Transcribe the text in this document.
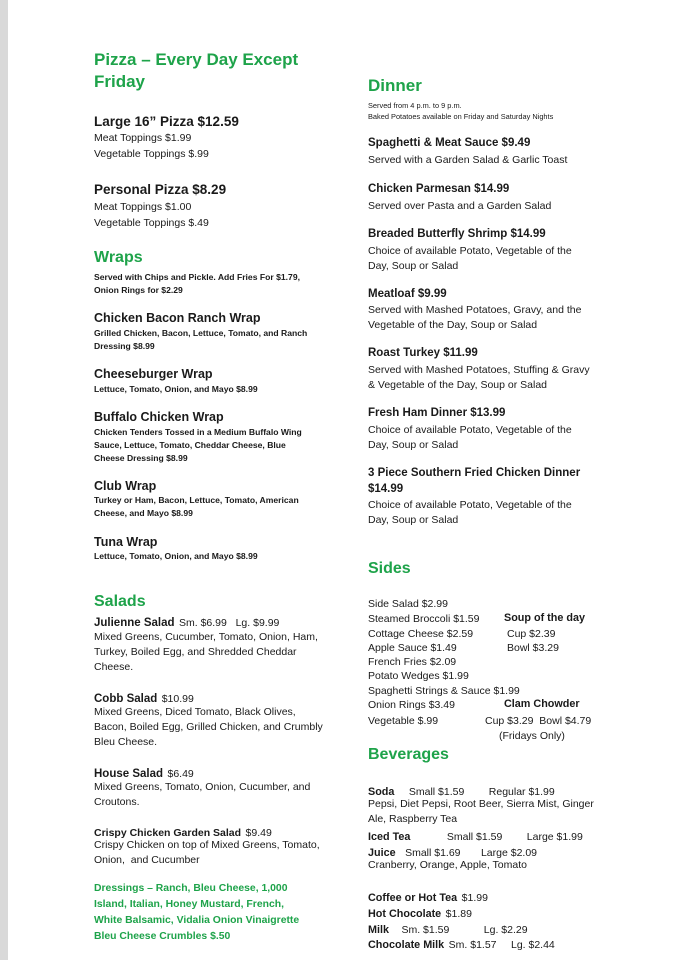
Pizza – Every Day Except
Friday
Large 16” Pizza $12.59
Meat Toppings $1.99
Vegetable Toppings $.99
Personal Pizza $8.29
Meat Toppings $1.00
Vegetable Toppings $.49
Wraps
Served with Chips and Pickle. Add Fries For $1.79,
Onion Rings for $2.29
Chicken Bacon Ranch Wrap
Grilled Chicken, Bacon, Lettuce, Tomato, and Ranch
Dressing $8.99
Cheeseburger Wrap
Lettuce, Tomato, Onion, and Mayo $8.99
Buffalo Chicken Wrap
Chicken Tenders Tossed in a Medium Buffalo Wing
Sauce, Lettuce, Tomato, Cheddar Cheese, Blue
Cheese Dressing $8.99
Club Wrap
Turkey or Ham, Bacon, Lettuce, Tomato, American
Cheese, and Mayo $8.99
Tuna Wrap
Lettuce, Tomato, Onion, and Mayo $8.99
Salads
Julienne Salad Sm. $6.99   Lg. $9.99
Mixed Greens, Cucumber, Tomato, Onion, Ham,
Turkey, Boiled Egg, and Shredded Cheddar
Cheese.
Cobb Salad $10.99
Mixed Greens, Diced Tomato, Black Olives,
Bacon, Boiled Egg, Grilled Chicken, and Crumbly
Bleu Cheese.
House Salad $6.49
Mixed Greens, Tomato, Onion, Cucumber, and
Croutons.
Crispy Chicken Garden Salad $9.49
Crispy Chicken on top of Mixed Greens, Tomato,
Onion,  and Cucumber
Dressings – Ranch, Bleu Cheese, 1,000
Island, Italian, Honey Mustard, French,
White Balsamic, Vidalia Onion Vinaigrette
Bleu Cheese Crumbles $.50
Dinner
Served from 4 p.m. to 9 p.m.
Baked Potatoes available on Friday and Saturday Nights
Spaghetti & Meat Sauce $9.49
Served with a Garden Salad & Garlic Toast
Chicken Parmesan $14.99
Served over Pasta and a Garden Salad
Breaded Butterfly Shrimp $14.99
Choice of available Potato, Vegetable of the
Day, Soup or Salad
Meatloaf $9.99
Served with Mashed Potatoes, Gravy, and the
Vegetable of the Day, Soup or Salad
Roast Turkey $11.99
Served with Mashed Potatoes, Stuffing & Gravy
& Vegetable of the Day, Soup or Salad
Fresh Ham Dinner $13.99
Choice of available Potato, Vegetable of the
Day, Soup or Salad
3 Piece Southern Fried Chicken Dinner
$14.99
Choice of available Potato, Vegetable of the
Day, Soup or Salad
Sides
Side Salad $2.99
Steamed Broccoli $1.59
Cottage Cheese $2.59
Apple Sauce $1.49
French Fries $2.09
Potato Wedges $1.99
Spaghetti Strings & Sauce $1.99
Onion Rings $3.49
Vegetable $.99
Soup of the day
Cup $2.39
Bowl $3.29
Clam Chowder
Cup $3.29  Bowl $4.79
(Fridays Only)
Beverages
Soda Small $1.59 Regular $1.99
Pepsi, Diet Pepsi, Root Beer, Sierra Mist, Ginger
Ale, Raspberry Tea
Iced Tea	Small $1.59 Large $1.99
Juice Small $1.69 Large $2.09
Cranberry, Orange, Apple, Tomato
Coffee or Hot Tea $1.99
Hot Chocolate $1.89
Milk Sm. $1.59	Lg. $2.29
Chocolate Milk Sm. $1.57 Lg. $2.44
